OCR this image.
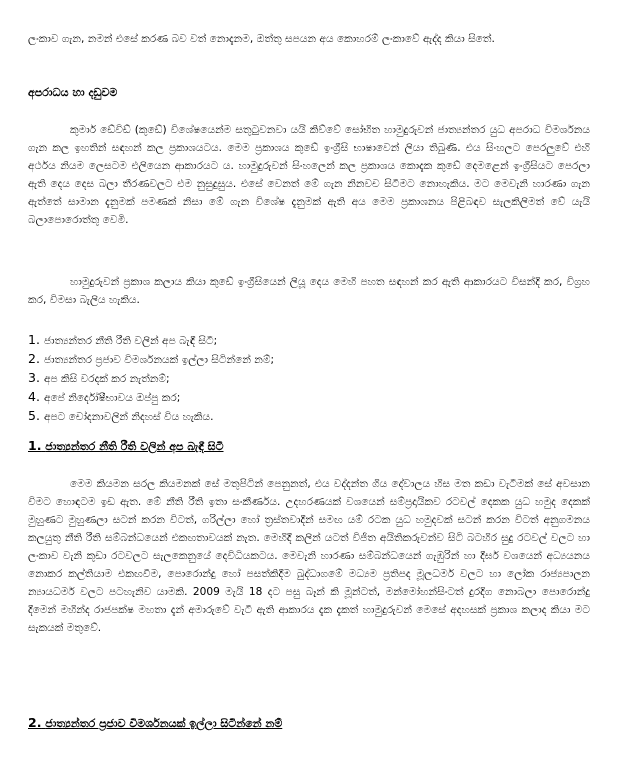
ලංකාව ගැන, නමන් එසේ කරණ බව වත් නොදැනම, ඔත්තු සපයන අය කොහරම් ලංකාවේ ඇද්ද කියා සිතේ.

අපරාධය හා දඩුවම

කුමාර් ඩේවිඩ් (කුඩේ) විශේෂයෙන්ම සතුටුවනවා යයි කිව්වේ සෝභිත හාමුදුරුවන් ජාත්‍යන්තර යුධ අපරාධ විමර්ශනය ගැන කල ඉහතින් සඳහන් කල ප්‍රකාශයටය. මෙම ප්‍රකාශය කුඩේ ඉංග්‍රීසි භාෂාවෙන් ලියා තිබුණි. එය සිංහලට පෙරලුවේ එහි අර්ථය නියම ලෙසටම එලියෙන ආකාරයට ය. හාමුදුරුවන් සිංහලෙන් කල ප්‍රකාශය කොදැක කුඩේ දෙමළෙන් ඉංග්‍රීසියට පෙරලා ඇති දෙය දෙස බලා තීරණවලට එම නුසුදුසුය. එසේ වෙනත් මේ ගැන නිනවච සිටීමට නොහැකිය. මට මෙවැනි හාරණා ගැන ඇත්තේ සාමාන දැනුමක් පමණක් නිසා මේ ගැන විශේෂ දැනුමක් ඇති අය මෙම ප්‍රකාශනය පිළිබඳව සැලකිලිමත් වේ යැයි බලාපොරොත්තු වෙමි.

හාමුදුරුවන් ප්‍රකාශ කලාය කියා කුඩේ ඉංග්‍රීසියෙන් ලියූ දෙය මෙහි පහත සඳහන් කර ඇති ආකාරයට විසන්දි කර, විග්‍රහ කර, විමසා බැලිය හැකිය.

1. ජාත්‍යන්තර නීති රීති වලින් අප බැඳී සිටී;
2. ජාත්‍යන්තර ප්‍රජාව විමර්ශනයක් ඉල්ලා සිටින්නේ නම්;
3. අප කිසි වරදක් කර නැත්නම්;
4. අපේ නිර්දෝෂීභාවය ඔප්පු කර;
5. අපට චෝදනාවලින් නිදහස් විය හැකිය.
1. ජාත්‍යන්තර නීති රීති වලින් අප බැඳී සිටී

මෙම කියමන සරල කියමනක් සේ මතුපිටින් පෙනුනත්, එය වද්දන්ත ගිය දේවාලය හිස මත කඩා වැටීමක් සේ අවසාන විමට හොඳටම ඉඩ ඇත. මේ නීති රීති ඉතා සංකීර්ණය. උදහරණයක් වශයෙන් සම්ප්‍රදායිකව රටවල් දෙකක යුධ හමුද දෙකක් මුහුණට මුහුණලා සටන් කරන විටත්, ගරිල්ලා හෝ ත්‍රස්තවාදීන් සමඟ යම් රටක යුධ හමුදවක් සටන් කරන විටත් අනුගමනය කලයුතු නීති රීති සම්බන්ධයෙන් එකඟතාවයක් නැත. මෙහිදී කලින් යටත් විජිත අයිතිකරුවන්ව සිටි බටහිර සුදු රටවල් වලට හා ලංකාව වැනි කුඩා රටවලට සැලකෙනුයේ දෙවිධියකටය. මෙවැනි හාරණා සම්බන්ධයෙන් ගැඹුරින් හා දීර්ඝ වශයෙන් අධ්‍යයනය නොකර කල්තියාම එකඟවීම, පොරොන්දු හෝ පසත්කිදීම බුද්ධාගමේ මධ්‍යම ප්‍රතිපද මූලධර්ම වලට හා ලෝක රාජ්‍යපාලන න්‍යායධර්ම වලට පටහැනිව යාමකි. 2009 මැයි 18 දට පසු බෑන් කි මූන්ටත්, මන්මෝහන්සිංටත් දුරදිග නොබලා පොරොන්දු දීමෙන් මහින්ද රාජපක්ෂ මහතා දැන් අමාරුවේ වැටී ඇති ආකාරය දැක දැකත් හාමුදුරුවන් මෙසේ අදහසක් ප්‍රකාශ කලාද කියා මට සැකයක් මතුවේ.

2. ජාත්‍යන්තර ප්‍රජාව විමර්ශනයක් ඉල්ලා සිටින්නේ නම්
